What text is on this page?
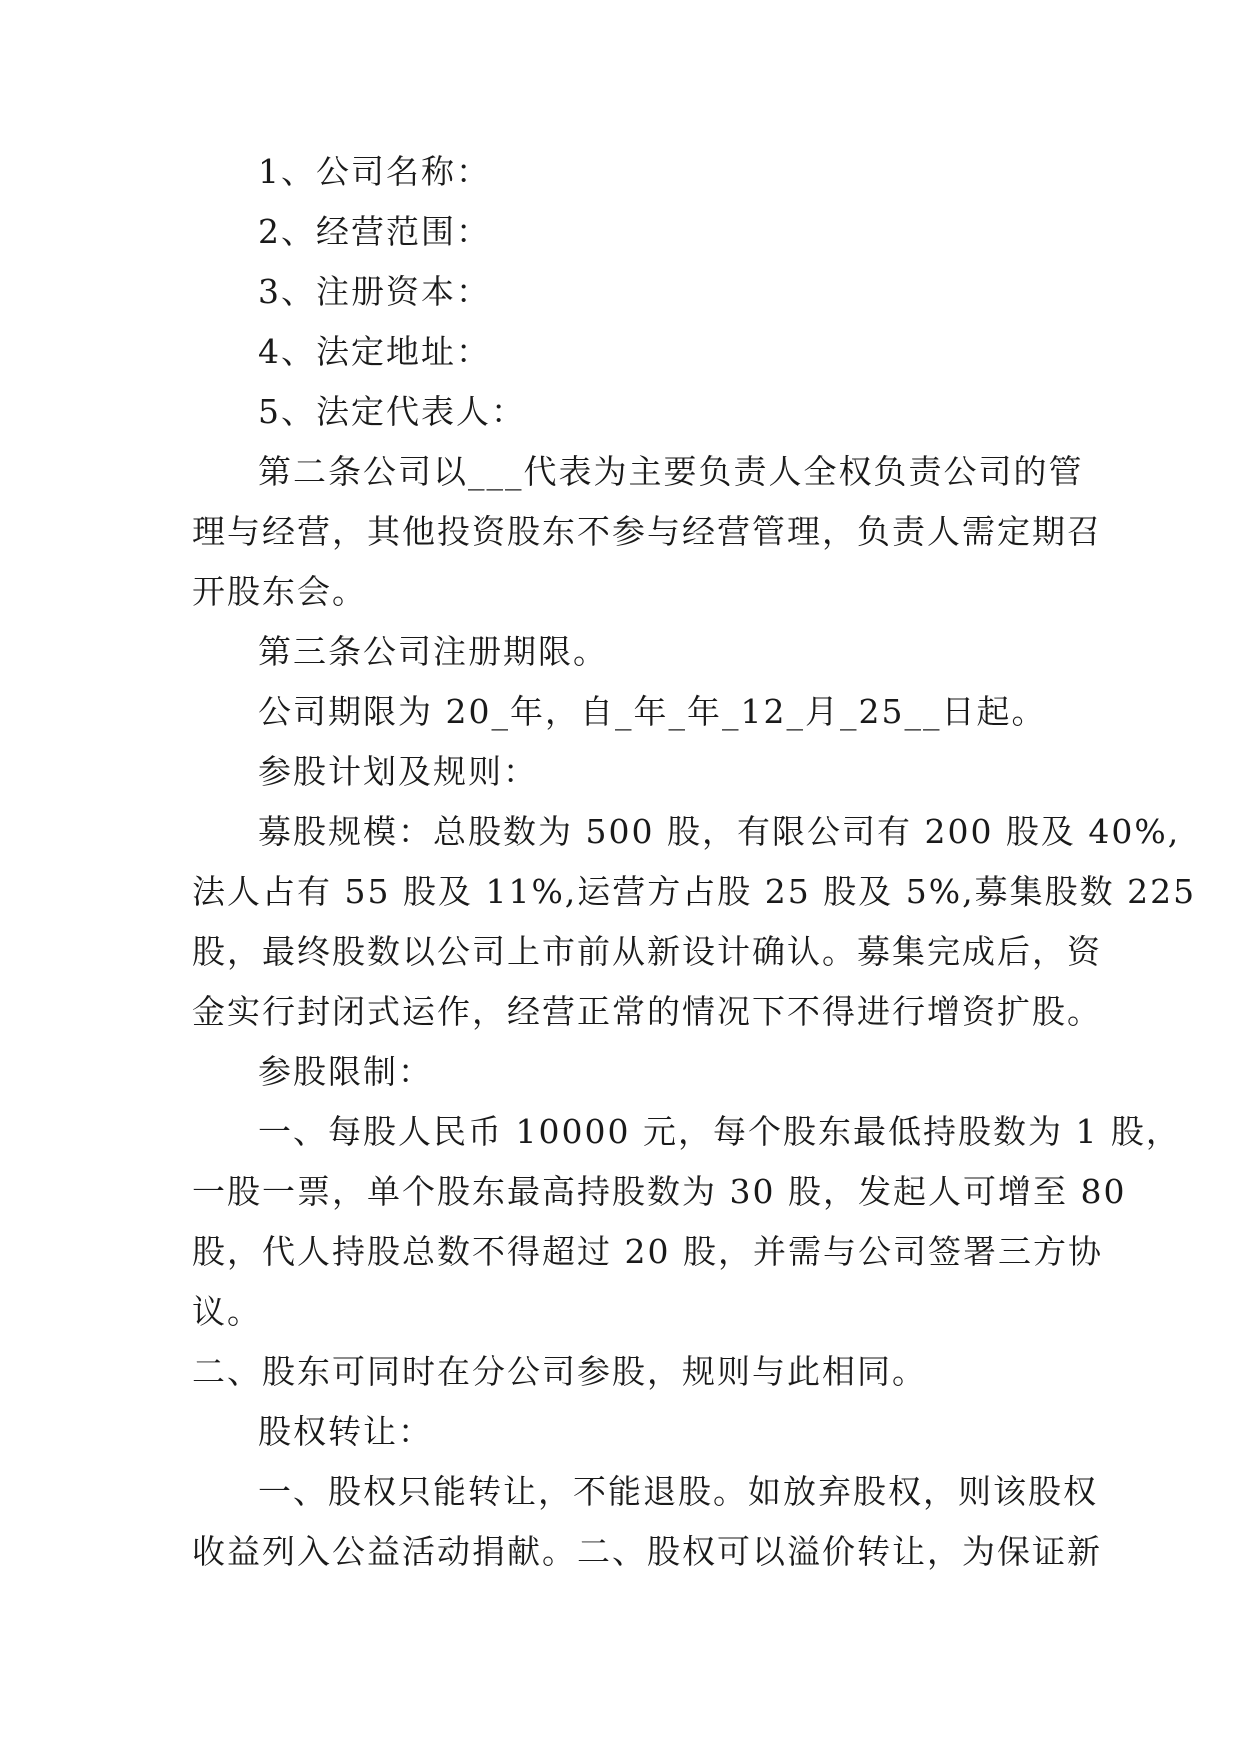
1、公司名称：
2、经营范围：
3、注册资本：
4、法定地址：
5、法定代表人：
第二条公司以___代表为主要负责人全权负责公司的管
理与经营，其他投资股东不参与经营管理，负责人需定期召
开股东会。
第三条公司注册期限。
公司期限为 20_年，自_年_年_12_月_25__日起。
参股计划及规则：
募股规模：总股数为 500 股，有限公司有 200 股及 40%,
法人占有 55 股及 11%,运营方占股 25 股及 5%,募集股数 225
股，最终股数以公司上市前从新设计确认。募集完成后，资
金实行封闭式运作，经营正常的情况下不得进行增资扩股。
参股限制：
一、每股人民币 10000 元，每个股东最低持股数为 1 股，
一股一票，单个股东最高持股数为 30 股，发起人可增至 80
股，代人持股总数不得超过 20 股，并需与公司签署三方协
议。
二、股东可同时在分公司参股，规则与此相同。
股权转让：
一、股权只能转让，不能退股。如放弃股权，则该股权
收益列入公益活动捐献。二、股权可以溢价转让，为保证新
